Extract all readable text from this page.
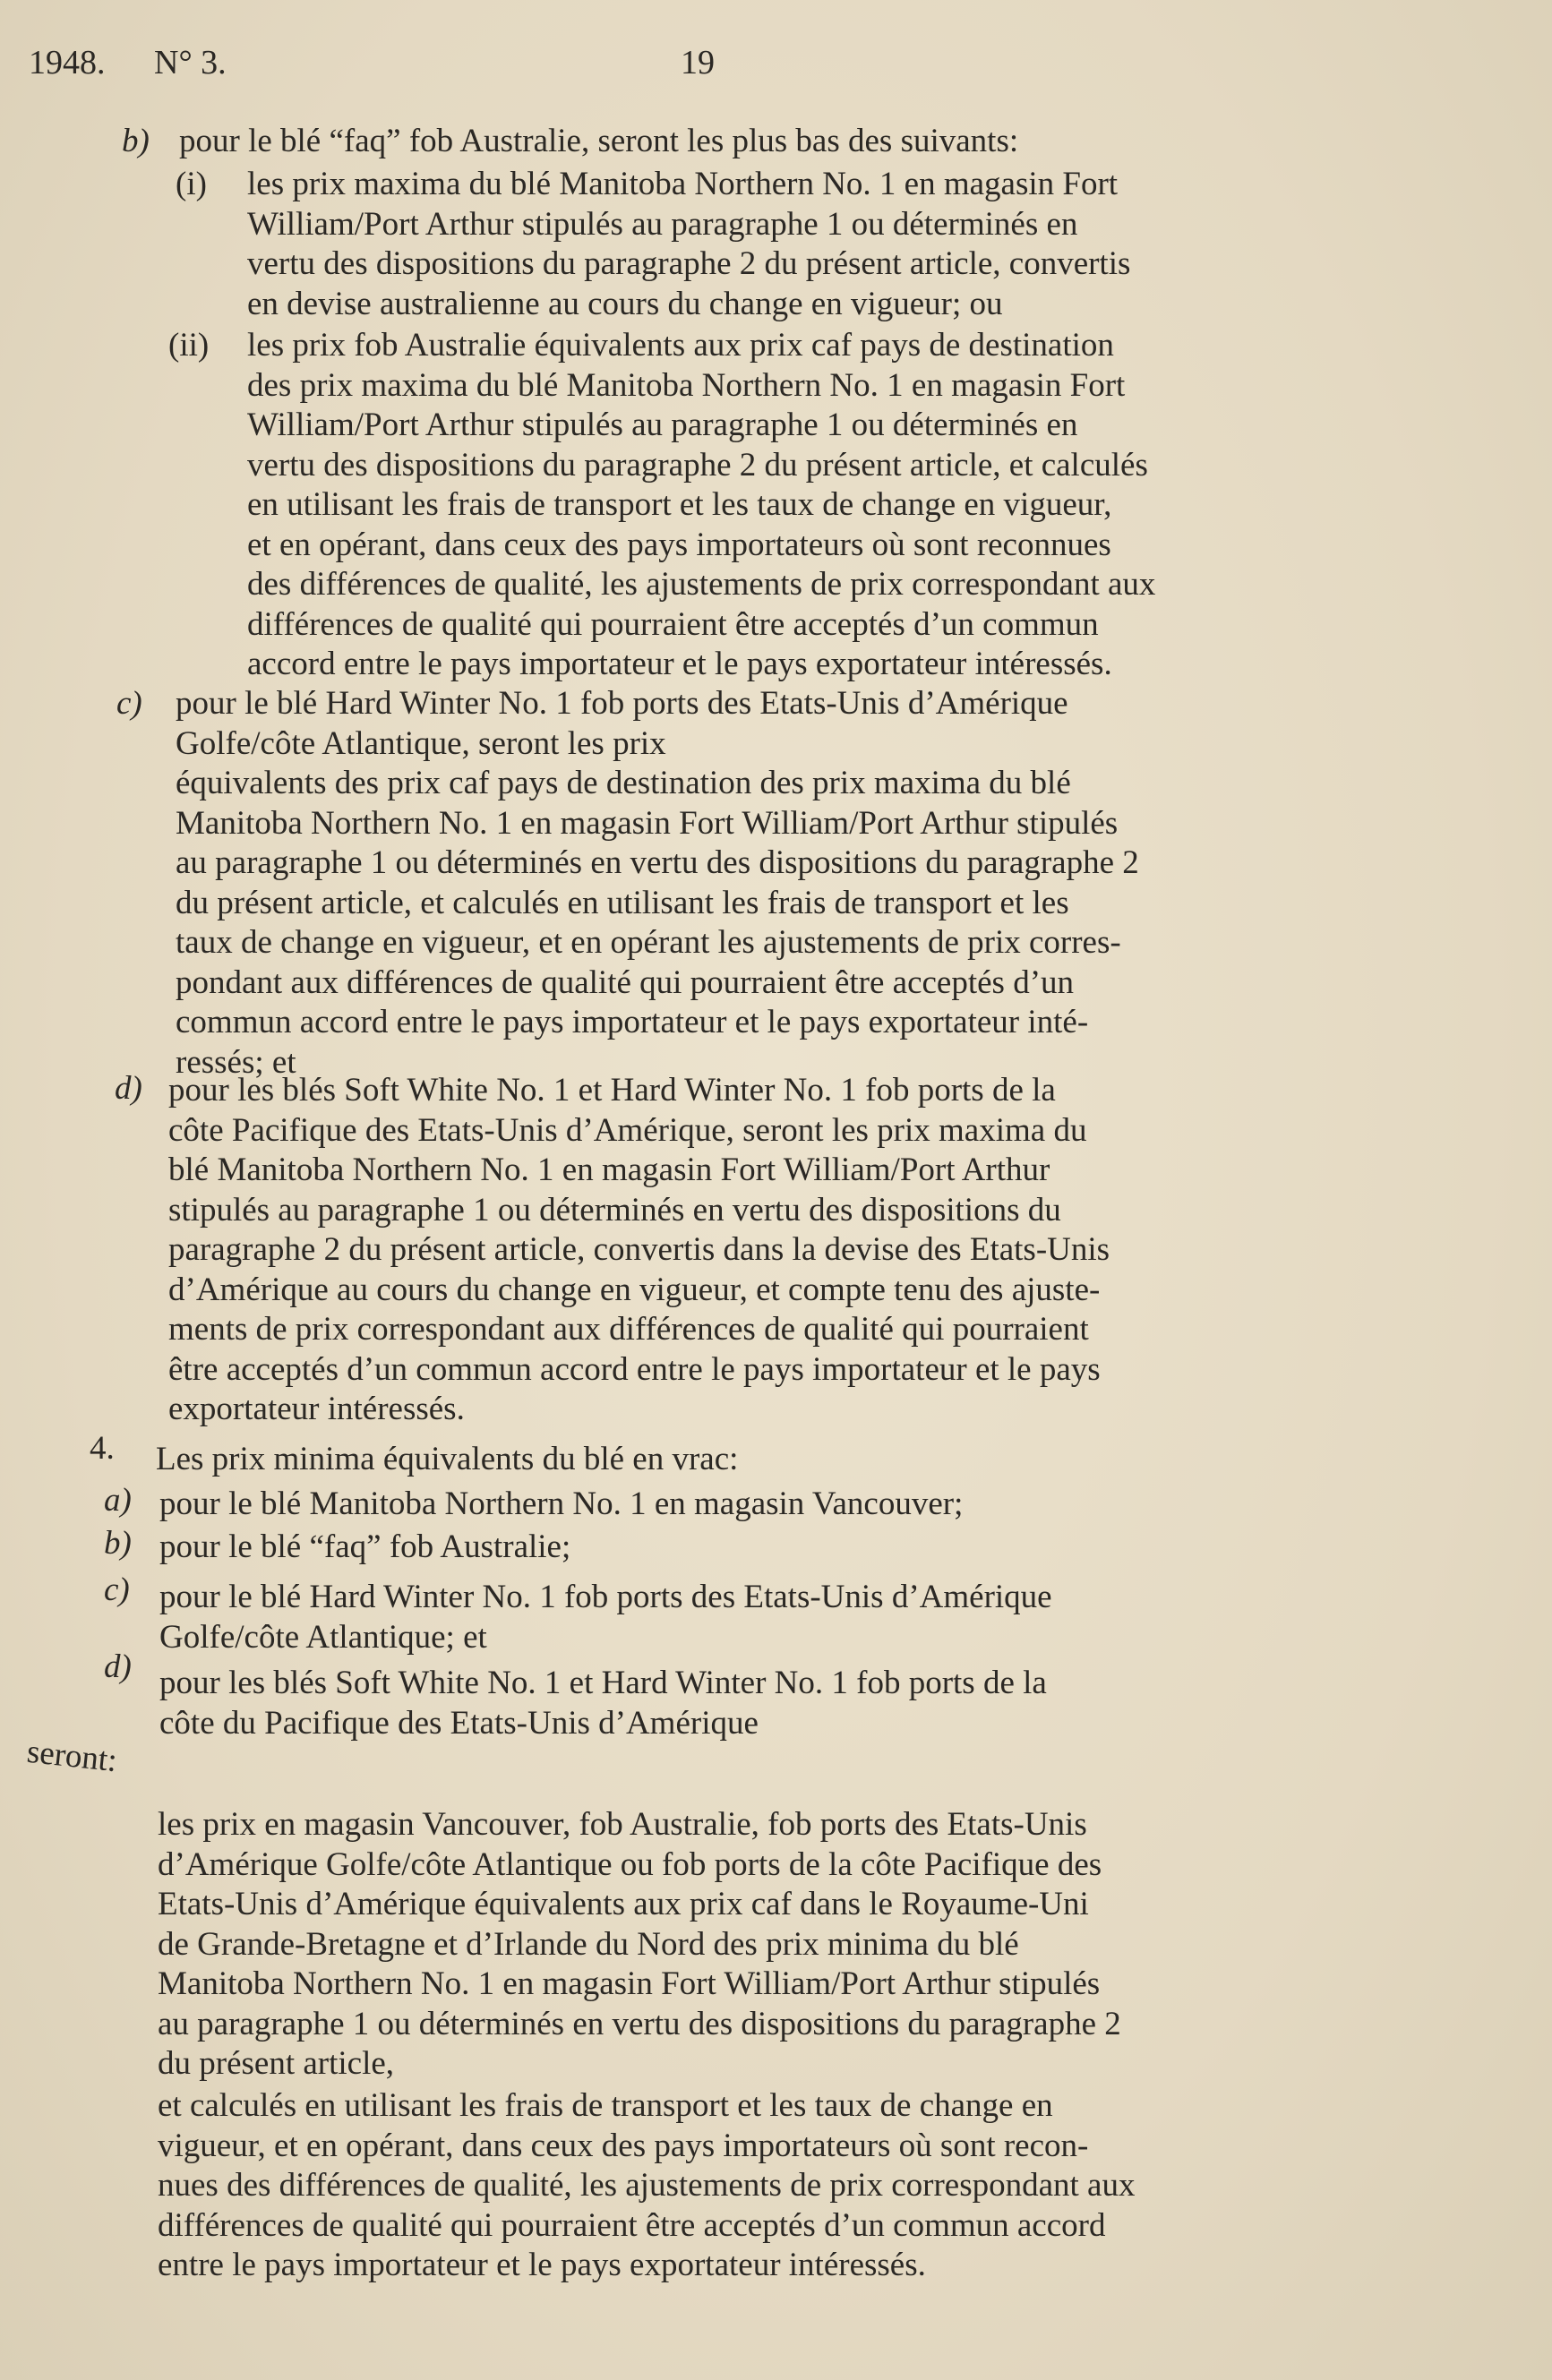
1948. N° 3.	19
b) pour le blé “faq” fob Australie, seront les plus bas des suivants:
(i) les prix maxima du blé Manitoba Northern No. 1 en magasin Fort
William/Port Arthur stipulés au paragraphe 1 ou déterminés en
vertu des dispositions du paragraphe 2 du présent article, convertis
en devise australienne au cours du change en vigueur; ou
(ii) les prix fob Australie équivalents aux prix caf pays de destination
des prix maxima du blé Manitoba Northern No. 1 en magasin Fort
William/Port Arthur stipulés au paragraphe 1 ou déterminés en
vertu des dispositions du paragraphe 2 du présent article, et calculés
en utilisant les frais de transport et les taux de change en vigueur,
et en opérant, dans ceux des pays importateurs où sont reconnues
des différences de qualité, les ajustements de prix correspondant aux
différences de qualité qui pourraient être acceptés d’un commun
accord entre le pays importateur et le pays exportateur intéressés.
c) pour le blé Hard Winter No. 1 fob ports des Etats-Unis d’Amérique
Golfe/côte Atlantique, seront les prix
équivalents des prix caf pays de destination des prix maxima du blé
Manitoba Northern No. 1 en magasin Fort William/Port Arthur stipulés
au paragraphe 1 ou déterminés en vertu des dispositions du paragraphe 2
du présent article, et calculés en utilisant les frais de transport et les
taux de change en vigueur, et en opérant les ajustements de prix corres-
pondant aux différences de qualité qui pourraient être acceptés d’un
commun accord entre le pays importateur et le pays exportateur inté-
ressés; et
d) pour les blés Soft White No. 1 et Hard Winter No. 1 fob ports de la
côte Pacifique des Etats-Unis d’Amérique, seront les prix maxima du
blé Manitoba Northern No. 1 en magasin Fort William/Port Arthur
stipulés au paragraphe 1 ou déterminés en vertu des dispositions du
paragraphe 2 du présent article, convertis dans la devise des Etats-Unis
d’Amérique au cours du change en vigueur, et compte tenu des ajuste-
ments de prix correspondant aux différences de qualité qui pourraient
être acceptés d’un commun accord entre le pays importateur et le pays
exportateur intéressés.
4. Les prix minima équivalents du blé en vrac:
a) pour le blé Manitoba Northern No. 1 en magasin Vancouver;
b) pour le blé “faq” fob Australie;
c) pour le blé Hard Winter No. 1 fob ports des Etats-Unis d’Amérique
Golfe/côte Atlantique; et
d) pour les blés Soft White No. 1 et Hard Winter No. 1 fob ports de la
côte du Pacifique des Etats-Unis d’Amérique
seront:
les prix en magasin Vancouver, fob Australie, fob ports des Etats-Unis
d’Amérique Golfe/côte Atlantique ou fob ports de la côte Pacifique des
Etats-Unis d’Amérique équivalents aux prix caf dans le Royaume-Uni
de Grande-Bretagne et d’Irlande du Nord des prix minima du blé
Manitoba Northern No. 1 en magasin Fort William/Port Arthur stipulés
au paragraphe 1 ou déterminés en vertu des dispositions du paragraphe 2
du présent article,
et calculés en utilisant les frais de transport et les taux de change en
vigueur, et en opérant, dans ceux des pays importateurs où sont recon-
nues des différences de qualité, les ajustements de prix correspondant aux
différences de qualité qui pourraient être acceptés d’un commun accord
entre le pays importateur et le pays exportateur intéressés.
